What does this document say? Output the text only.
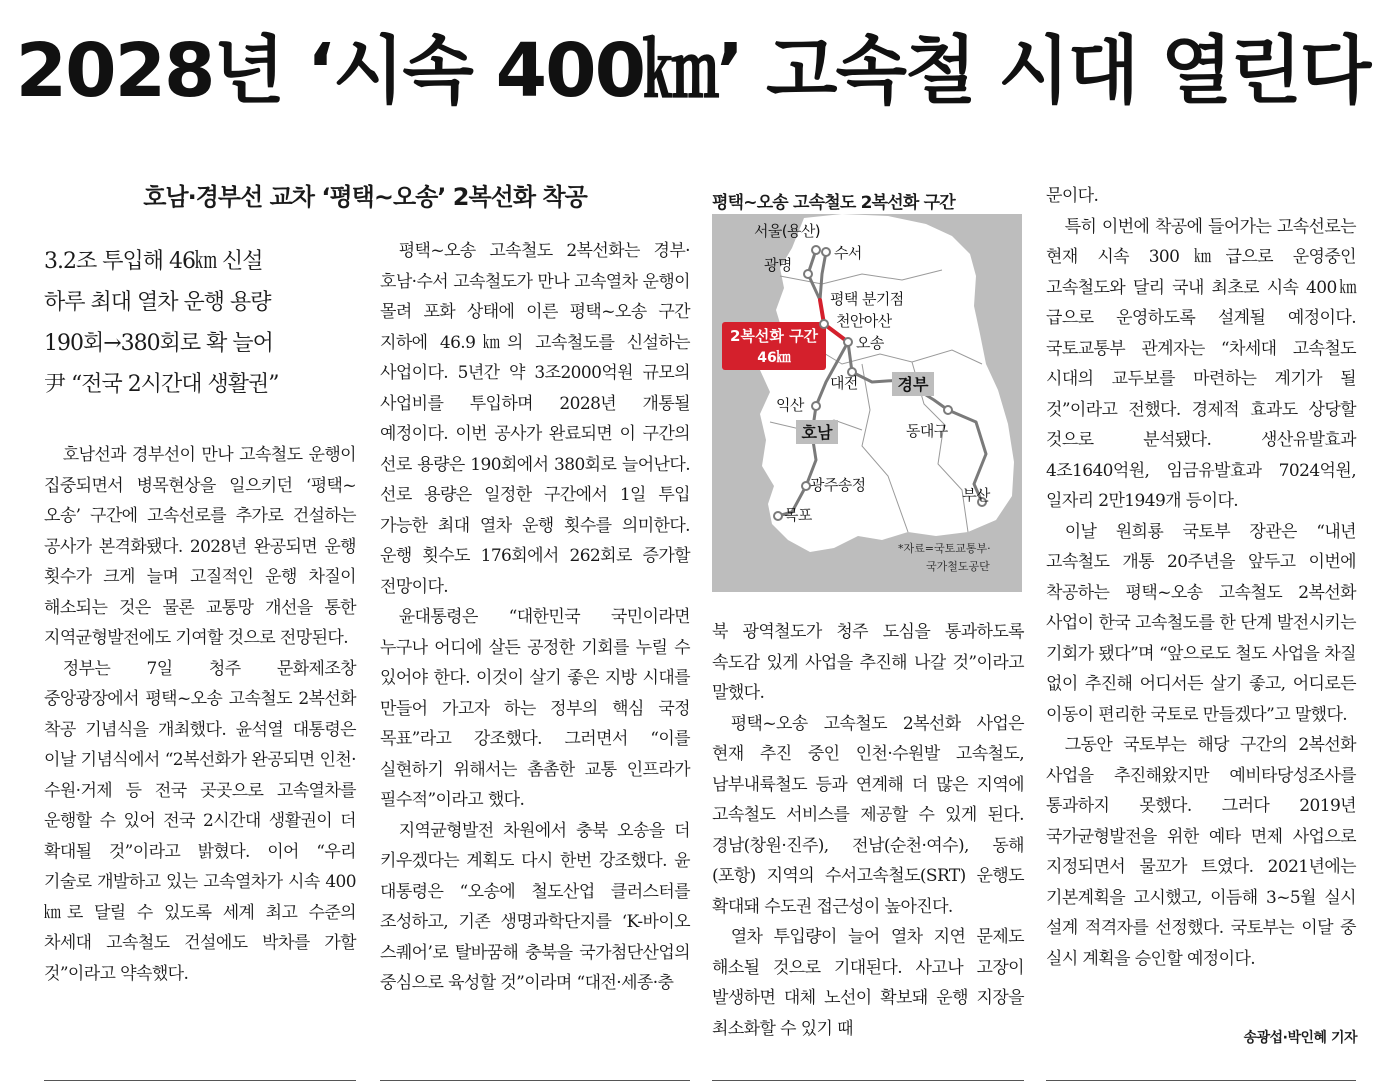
2028년 ‘시속 400㎞’ 고속철 시대 열린다
호남·경부선 교차 ‘평택~오송’ 2복선화 착공

3.2조 투입해 46㎞ 신설

하루 최대 열차 운행 용량

190회→380회로 확 늘어

尹 “전국 2시간대 생활권”

호남선과 경부선이 만나 고속철도 운행이 집중되면서 병목현상을 일으키던 ‘평택~오송’ 구간에 고속선로를 추가로 건설하는 공사가 본격화됐다. 2028년 완공되면 운행 횟수가 크게 늘며 고질적인 운행 차질이 해소되는 것은 물론 교통망 개선을 통한 지역균형발전에도 기여할 것으로 전망된다.

정부는 7일 청주 문화제조창 중앙광장에서 평택~오송 고속철도 2복선화 착공 기념식을 개최했다. 윤석열 대통령은 이날 기념식에서 “2복선화가 완공되면 인천·수원·거제 등 전국 곳곳으로 고속열차를 운행할 수 있어 전국 2시간대 생활권이 더 확대될 것”이라고 밝혔다. 이어 “우리 기술로 개발하고 있는 고속열차가 시속 400㎞로 달릴 수 있도록 세계 최고 수준의 차세대 고속철도 건설에도 박차를 가할 것”이라고 약속했다.

평택~오송 고속철도 2복선화는 경부·호남·수서 고속철도가 만나 고속열차 운행이 몰려 포화 상태에 이른 평택~오송 구간 지하에 46.9㎞의 고속철도를 신설하는 사업이다. 5년간 약 3조2000억원 규모의 사업비를 투입하며 2028년 개통될 예정이다. 이번 공사가 완료되면 이 구간의 선로 용량은 190회에서 380회로 늘어난다. 선로 용량은 일정한 구간에서 1일 투입 가능한 최대 열차 운행 횟수를 의미한다. 운행 횟수도 176회에서 262회로 증가할 전망이다.

윤대통령은 “대한민국 국민이라면 누구나 어디에 살든 공정한 기회를 누릴 수 있어야 한다. 이것이 살기 좋은 지방 시대를 만들어 가고자 하는 정부의 핵심 국정 목표”라고 강조했다. 그러면서 “이를 실현하기 위해서는 촘촘한 교통 인프라가 필수적”이라고 했다.

지역균형발전 차원에서 충북 오송을 더 키우겠다는 계획도 다시 한번 강조했다. 윤 대통령은 “오송에 철도산업 클러스터를 조성하고, 기존 생명과학단지를 ‘K-바이오 스퀘어’로 탈바꿈해 충북을 국가첨단산업의 중심으로 육성할 것”이라며 “대전·세종·충

평택~오송 고속철도 2복선화 구간
2복선화 구간
46㎞
서울(용산)
수서
광명
평택 분기점
천안아산
오송
대전
익산
동대구
광주송정
목포
부산
경부
호남
*자료=국토교통부·
국가철도공단

북 광역철도가 청주 도심을 통과하도록 속도감 있게 사업을 추진해 나갈 것”이라고 말했다.

평택~오송 고속철도 2복선화 사업은 현재 추진 중인 인천·수원발 고속철도, 남부내륙철도 등과 연계해 더 많은 지역에 고속철도 서비스를 제공할 수 있게 된다. 경남(창원·진주), 전남(순천·여수), 동해(포항) 지역의 수서고속철도(SRT) 운행도 확대돼 수도권 접근성이 높아진다.

열차 투입량이 늘어 열차 지연 문제도 해소될 것으로 기대된다. 사고나 고장이 발생하면 대체 노선이 확보돼 운행 지장을 최소화할 수 있기 때

문이다.

특히 이번에 착공에 들어가는 고속선로는 현재 시속 300㎞급으로 운영중인 고속철도와 달리 국내 최초로 시속 400㎞급으로 운영하도록 설계될 예정이다. 국토교통부 관계자는 “차세대 고속철도 시대의 교두보를 마련하는 계기가 될 것”이라고 전했다. 경제적 효과도 상당할 것으로 분석됐다. 생산유발효과 4조1640억원, 임금유발효과 7024억원, 일자리 2만1949개 등이다.

이날 원희룡 국토부 장관은 “내년 고속철도 개통 20주년을 앞두고 이번에 착공하는 평택~오송 고속철도 2복선화 사업이 한국 고속철도를 한 단계 발전시키는 기회가 됐다”며 “앞으로도 철도 사업을 차질 없이 추진해 어디서든 살기 좋고, 어디로든 이동이 편리한 국토로 만들겠다”고 말했다.

그동안 국토부는 해당 구간의 2복선화 사업을 추진해왔지만 예비타당성조사를 통과하지 못했다. 그러다 2019년 국가균형발전을 위한 예타 면제 사업으로 지정되면서 물꼬가 트였다. 2021년에는 기본계획을 고시했고, 이듬해 3~5월 실시 설계 적격자를 선정했다. 국토부는 이달 중 실시 계획을 승인할 예정이다.

송광섭·박인혜 기자
